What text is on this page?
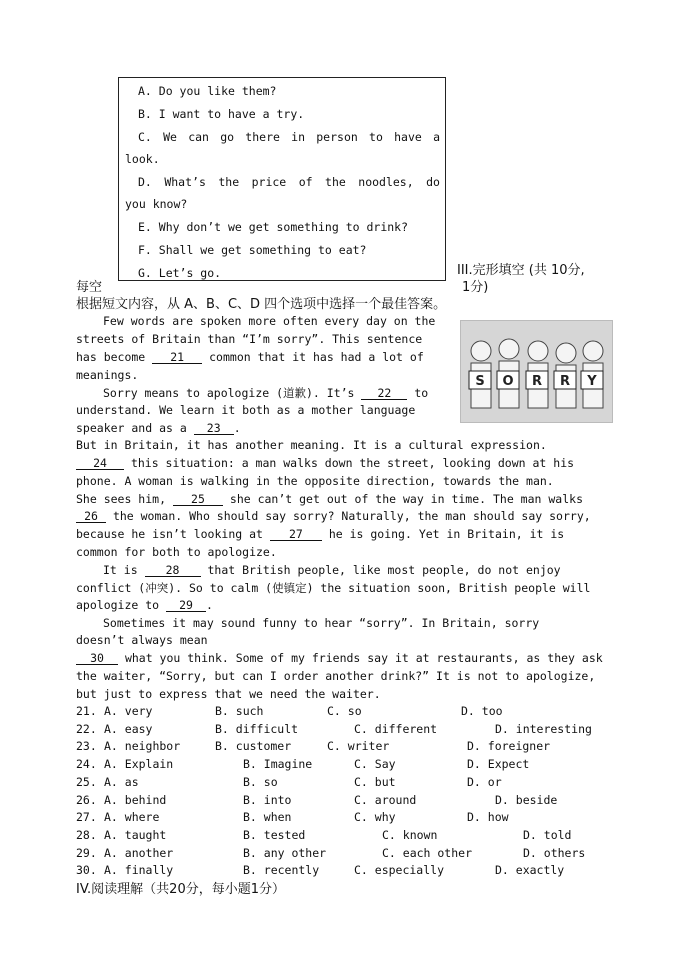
A. Do you like them?
B. I want to have a try.
C. We can go there in person to have a
look.
D. What’s the price of the noodles, do
you know?
E. Why don’t we get something to drink?
F. Shall we get something to eat?
G. Let’s go.
每空
III.完形填空 (共 10分,
1分)
根据短文内容，从 A、B、C、D 四个选项中选择一个最佳答案。
S O R R Y
Few words are spoken more often every day on the
streets of Britain than “I’m sorry”. This sentence
has become 21 common that it has had a lot of
meanings.
Sorry means to apologize (道歉). It’s 22 to
understand. We learn it both as a mother language
speaker and as a 23 .
But in Britain, it has another meaning. It is a cultural expression.
24 this situation: a man walks down the street, looking down at his
phone. A woman is walking in the opposite direction, towards the man.
She sees him, 25 she can’t get out of the way in time. The man walks
26 the woman. Who should say sorry? Naturally, the man should say sorry,
because he isn’t looking at 27 he is going. Yet in Britain, it is
common for both to apologize.
It is 28 that British people, like most people, do not enjoy
conflict (冲突). So to calm (使镇定) the situation soon, British people will
apologize to 29 .
Sometimes it may sound funny to hear “sorry”. In Britain, sorry
doesn’t always mean
30 what you think. Some of my friends say it at restaurants, as they ask
the waiter, “Sorry, but can I order another drink?” It is not to apologize,
but just to express that we need the waiter.
21. A. very	B. such	C. so	D. too
22. A. easy	B. difficult	C. different	D. interesting
23. A. neighbor	B. customer	C. writer	D. foreigner
24. A. Explain	B. Imagine	C. Say	D. Expect
25. A. as	B. so	C. but	D. or
26. A. behind	B. into	C. around	D. beside
27. A. where	B. when	C. why	D. how
28. A. taught	B. tested	C. known	D. told
29. A. another	B. any other	C. each other	D. others
30. A. finally	B. recently	C. especially	D. exactly
IV.阅读理解（共20分，每小题1分）
